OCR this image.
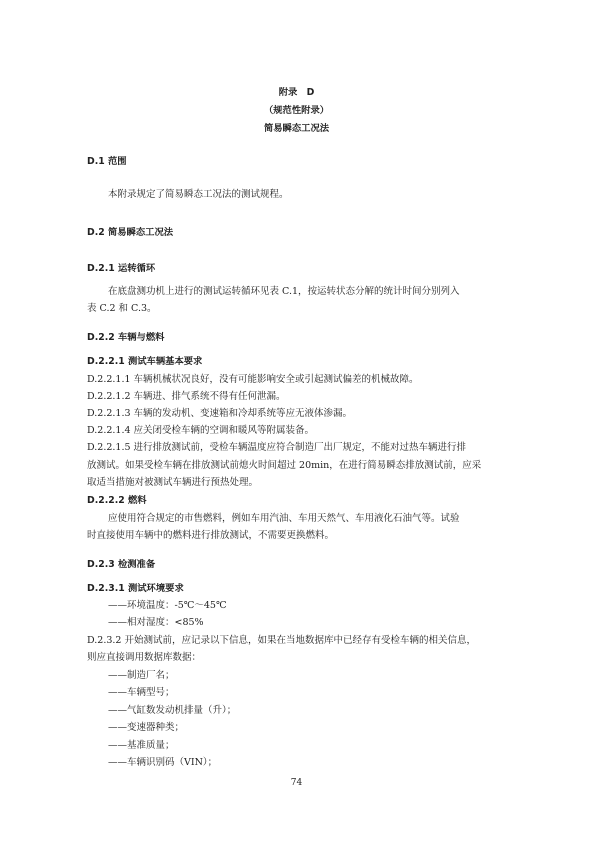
附录　D
（规范性附录）
简易瞬态工况法
D.1 范围
本附录规定了简易瞬态工况法的测试规程。
D.2 简易瞬态工况法
D.2.1 运转循环
在底盘测功机上进行的测试运转循环见表 C.1，按运转状态分解的统计时间分别列入
表 C.2 和 C.3。
D.2.2 车辆与燃料
D.2.2.1 测试车辆基本要求
D.2.2.1.1 车辆机械状况良好，没有可能影响安全或引起测试偏差的机械故障。
D.2.2.1.2 车辆进、排气系统不得有任何泄漏。
D.2.2.1.3 车辆的发动机、变速箱和冷却系统等应无液体渗漏。
D.2.2.1.4 应关闭受检车辆的空调和暖风等附属装备。
D.2.2.1.5 进行排放测试前，受检车辆温度应符合制造厂出厂规定，不能对过热车辆进行排
放测试。如果受检车辆在排放测试前熄火时间超过 20min，在进行简易瞬态排放测试前，应采
取适当措施对被测试车辆进行预热处理。
D.2.2.2 燃料
应使用符合规定的市售燃料，例如车用汽油、车用天然气、车用液化石油气等。试验
时直接使用车辆中的燃料进行排放测试，不需要更换燃料。
D.2.3 检测准备
D.2.3.1 测试环境要求
——环境温度：-5℃～45℃
——相对湿度：<85%
D.2.3.2 开始测试前，应记录以下信息，如果在当地数据库中已经存有受检车辆的相关信息，
则应直接调用数据库数据：
——制造厂名；
——车辆型号；
——气缸数发动机排量（升）；
——变速器种类；
——基准质量；
——车辆识别码（VIN）；
74
